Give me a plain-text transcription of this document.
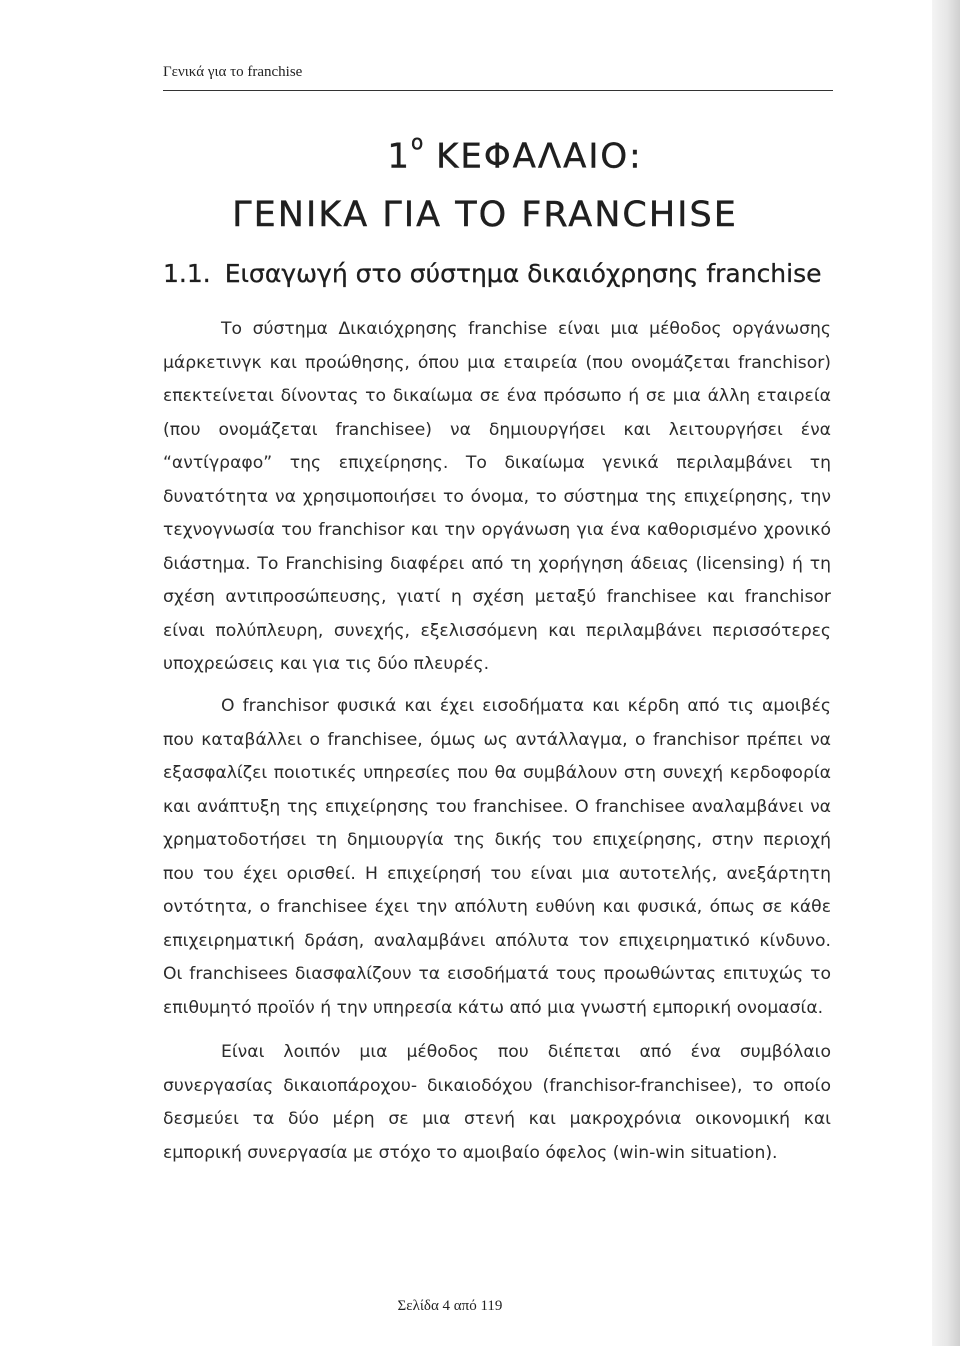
Γενικά για το franchise
$1^o$ ΚΕΦΑΛΑΙΟ:
ΓΕΝΙΚΑ ΓΙΑ ΤΟ FRANCHISE
1.1. Εισαγωγή στο σύστημα δικαιόχρησης franchise

Το σύστημα Δικαιόχρησης franchise είναι μια μέθοδος οργάνωσης μάρκετινγκ και προώθησης, όπου μια εταιρεία (που ονομάζεται franchisor) επεκτείνεται δίνοντας το δικαίωμα σε ένα πρόσωπο ή σε μια άλλη εταιρεία (που ονομάζεται franchisee) να δημιουργήσει και λειτουργήσει ένα “αντίγραφο” της επιχείρησης. Το δικαίωμα γενικά περιλαμβάνει τη δυνατότητα να χρησιμοποιήσει το όνομα, το σύστημα της επιχείρησης, την τεχνογνωσία του franchisor και την οργάνωση για ένα καθορισμένο χρονικό διάστημα. Το Franchising διαφέρει από τη χορήγηση άδειας (licensing) ή τη σχέση αντιπροσώπευσης, γιατί η σχέση μεταξύ franchisee και franchisor είναι πολύπλευρη, συνεχής, εξελισσόμενη και περιλαμβάνει περισσότερες υποχρεώσεις και για τις δύο πλευρές.

Ο franchisor φυσικά και έχει εισοδήματα και κέρδη από τις αμοιβές που καταβάλλει ο franchisee, όμως ως αντάλλαγμα, ο franchisor πρέπει να εξασφαλίζει ποιοτικές υπηρεσίες που θα συμβάλουν στη συνεχή κερδοφορία και ανάπτυξη της επιχείρησης του franchisee. Ο franchisee αναλαμβάνει να χρηματοδοτήσει τη δημιουργία της δικής του επιχείρησης, στην περιοχή που του έχει ορισθεί. Η επιχείρησή του είναι μια αυτοτελής, ανεξάρτητη οντότητα, ο franchisee έχει την απόλυτη ευθύνη και φυσικά, όπως σε κάθε επιχειρηματική δράση, αναλαμβάνει απόλυτα τον επιχειρηματικό κίνδυνο. Οι franchisees διασφαλίζουν τα εισοδήματά τους προωθώντας επιτυχώς το επιθυμητό προϊόν ή την υπηρεσία κάτω από μια γνωστή εμπορική ονομασία.

Είναι λοιπόν μια μέθοδος που διέπεται από ένα συμβόλαιο συνεργασίας δικαιοπάροχου- δικαιοδόχου (franchisor-franchisee), το οποίο δεσμεύει τα δύο μέρη σε μια στενή και μακροχρόνια οικονομική και εμπορική συνεργασία με στόχο το αμοιβαίο όφελος (win-win situation).

Σελίδα 4 από 119
